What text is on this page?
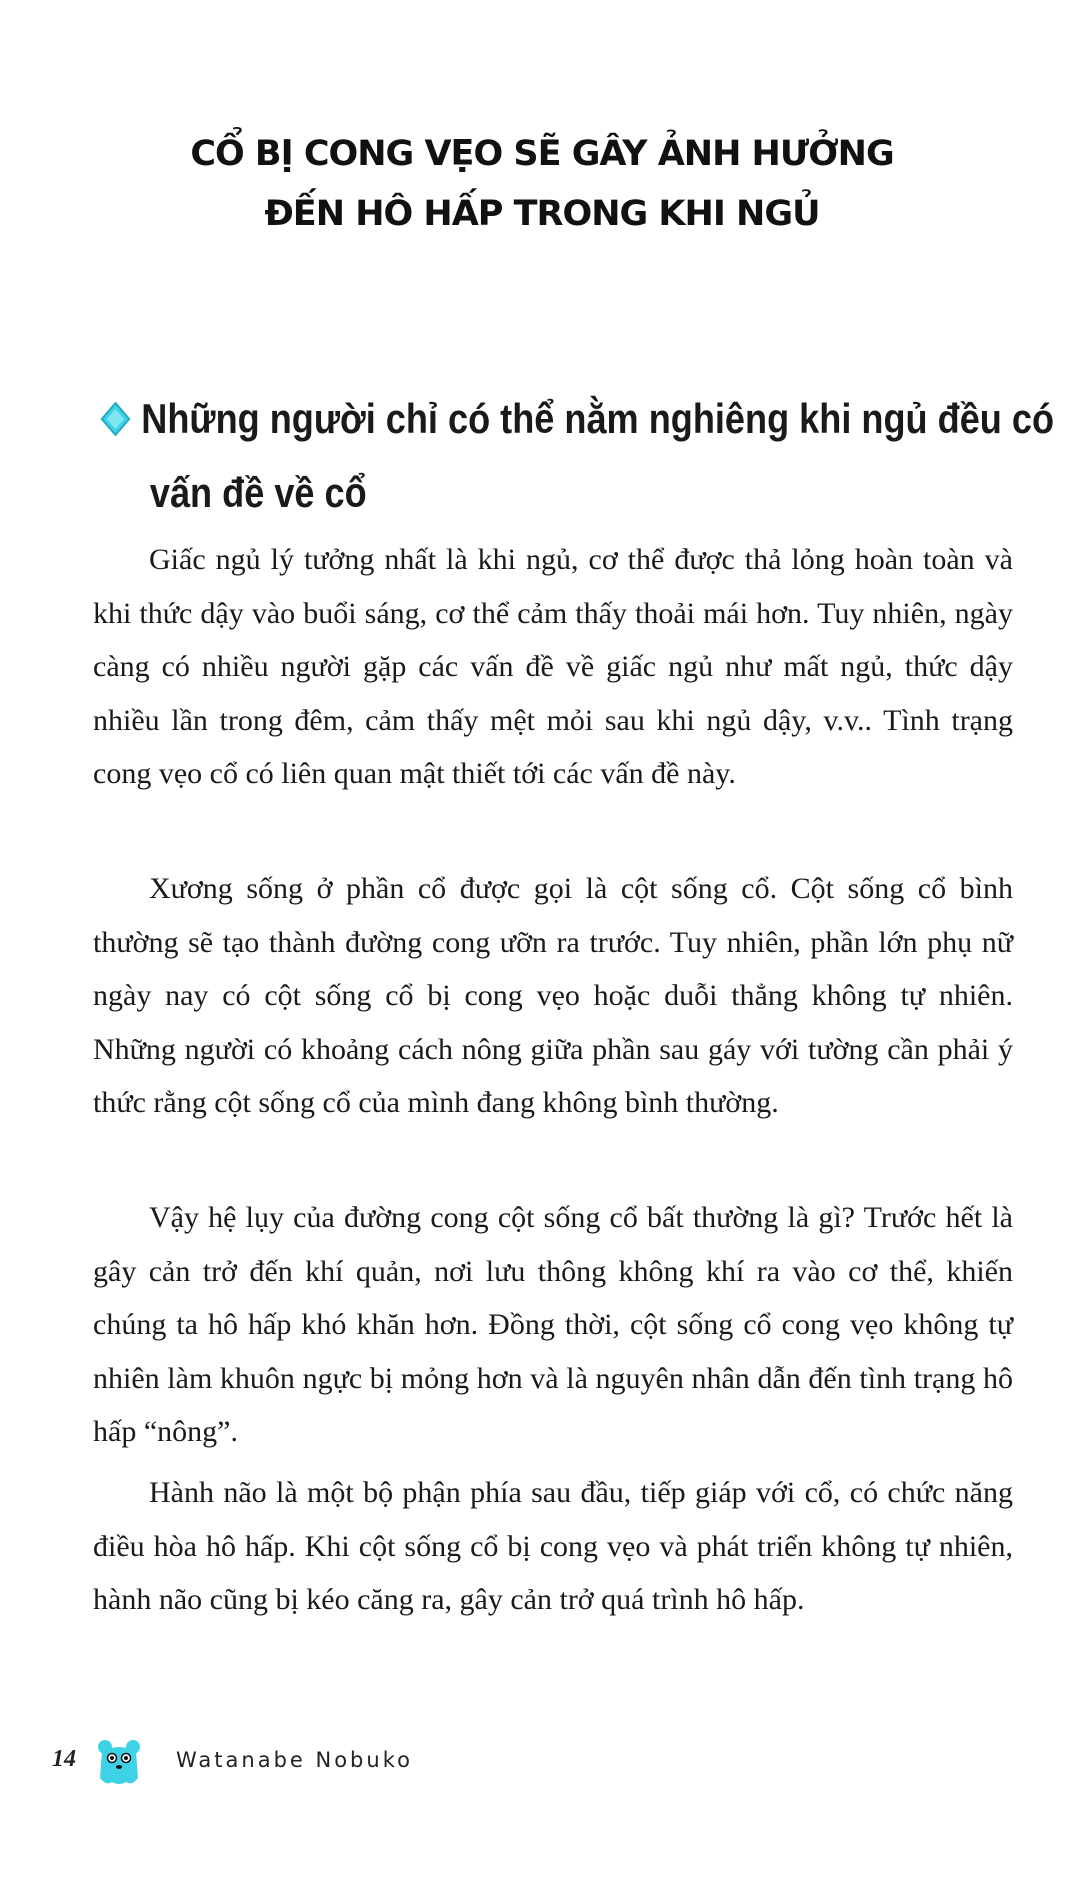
CỔ BỊ CONG VẸO SẼ GÂY ẢNH HƯỞNG
ĐẾN HÔ HẤP TRONG KHI NGỦ
Những người chỉ có thể nằm nghiêng khi ngủ đều có
vấn đề về cổ

Giấc ngủ lý tưởng nhất là khi ngủ, cơ thể được thả lỏng hoàn toàn và khi thức dậy vào buổi sáng, cơ thể cảm thấy thoải mái hơn. Tuy nhiên, ngày càng có nhiều người gặp các vấn đề về giấc ngủ như mất ngủ, thức dậy nhiều lần trong đêm, cảm thấy mệt mỏi sau khi ngủ dậy, v.v.. Tình trạng cong vẹo cổ có liên quan mật thiết tới các vấn đề này.

Xương sống ở phần cổ được gọi là cột sống cổ. Cột sống cổ bình thường sẽ tạo thành đường cong ưỡn ra trước. Tuy nhiên, phần lớn phụ nữ ngày nay có cột sống cổ bị cong vẹo hoặc duỗi thẳng không tự nhiên. Những người có khoảng cách nông giữa phần sau gáy với tường cần phải ý thức rằng cột sống cổ của mình đang không bình thường.

Vậy hệ lụy của đường cong cột sống cổ bất thường là gì? Trước hết là gây cản trở đến khí quản, nơi lưu thông không khí ra vào cơ thể, khiến chúng ta hô hấp khó khăn hơn. Đồng thời, cột sống cổ cong vẹo không tự nhiên làm khuôn ngực bị mỏng hơn và là nguyên nhân dẫn đến tình trạng hô hấp “nông”.

Hành não là một bộ phận phía sau đầu, tiếp giáp với cổ, có chức năng điều hòa hô hấp. Khi cột sống cổ bị cong vẹo và phát triển không tự nhiên, hành não cũng bị kéo căng ra, gây cản trở quá trình hô hấp.

14	Watanabe Nobuko
